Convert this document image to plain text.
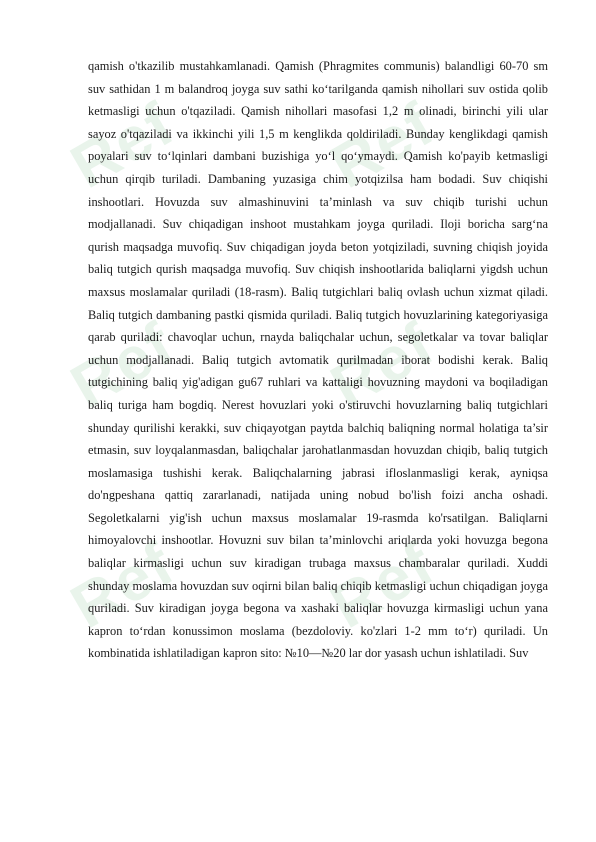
Ref Ref
Ref Ref
Ref Ref

qamish o'tkazilib mustahkamlanadi. Qamish (Phragmites communis) balandligi 60-70 sm suv sathidan 1 m balandroq joyga suv sathi ko‘tarilganda qamish nihollari suv ostida qolib ketmasligi uchun o'tqaziladi. Qamish nihollari masofasi 1,2 m olinadi, birinchi yili ular sayoz o'tqaziladi va ikkinchi yili 1,5 m kenglikda qoldiriladi. Bunday kenglikdagi qamish poyalari suv to‘lqinlari dambani buzishiga yo‘l qo‘ymaydi. Qamish ko'payib ketmasligi uchun qirqib turiladi. Dambaning yuzasiga chim yotqizilsa ham bodadi. Suv chiqishi inshootlari. Hovuzda suv almashinuvini ta’minlash va suv chiqib turishi uchun modjallanadi. Suv chiqadigan inshoot mustahkam joyga quriladi. Iloji boricha sarg‘na qurish maqsadga muvofiq. Suv chiqadigan joyda beton yotqiziladi, suvning chiqish joyida baliq tutgich qurish maqsadga muvofiq. Suv chiqish inshootlarida baliqlarni yigdsh uchun maxsus moslamalar quriladi (18-rasm). Baliq tutgichlari baliq ovlash uchun xizmat qiladi. Baliq tutgich dambaning pastki qismida quriladi. Baliq tutgich hovuzlarining kategoriyasiga qarab quriladi: chavoqlar uchun, rnayda baliqchalar uchun, segoletkalar va tovar baliqlar uchun modjallanadi. Baliq tutgich avtomatik qurilmadan iborat bodishi kerak. Baliq tutgichining baliq yig'adigan gu67 ruhlari va kattaligi hovuzning maydoni va boqiladigan baliq turiga ham bogdiq. Nerest hovuzlari yoki o'stiruvchi hovuzlarning baliq tutgichlari shunday qurilishi kerakki, suv chiqayotgan paytda balchiq baliqning normal holatiga ta’sir etmasin, suv loyqalanmasdan, baliqchalar jarohatlanmasdan hovuzdan chiqib, baliq tutgich moslamasiga tushishi kerak. Baliqchalarning jabrasi ifloslanmasligi kerak, ayniqsa do'ngpeshana qattiq zararlanadi, natijada uning nobud bo'lish foizi ancha oshadi. Segoletkalarni yig'ish uchun maxsus moslamalar 19-rasmda ko'rsatilgan. Baliqlarni himoyalovchi inshootlar. Hovuzni suv bilan ta’minlovchi ariqlarda yoki hovuzga begona baliqlar kirmasligi uchun suv kiradigan trubaga maxsus chambaralar quriladi. Xuddi shunday moslama hovuzdan suv oqirni bilan baliq chiqib ketmasligi uchun chiqadigan joyga quriladi. Suv kiradigan joyga begona va xashaki baliqlar hovuzga kirmasligi uchun yana kapron to‘rdan konussimon moslama (bezdoloviy. ko'zlari 1-2 mm to‘r) quriladi. Un kombinatida ishlatiladigan kapron sito: №10—№20 lar dor yasash uchun ishlatiladi. Suv
